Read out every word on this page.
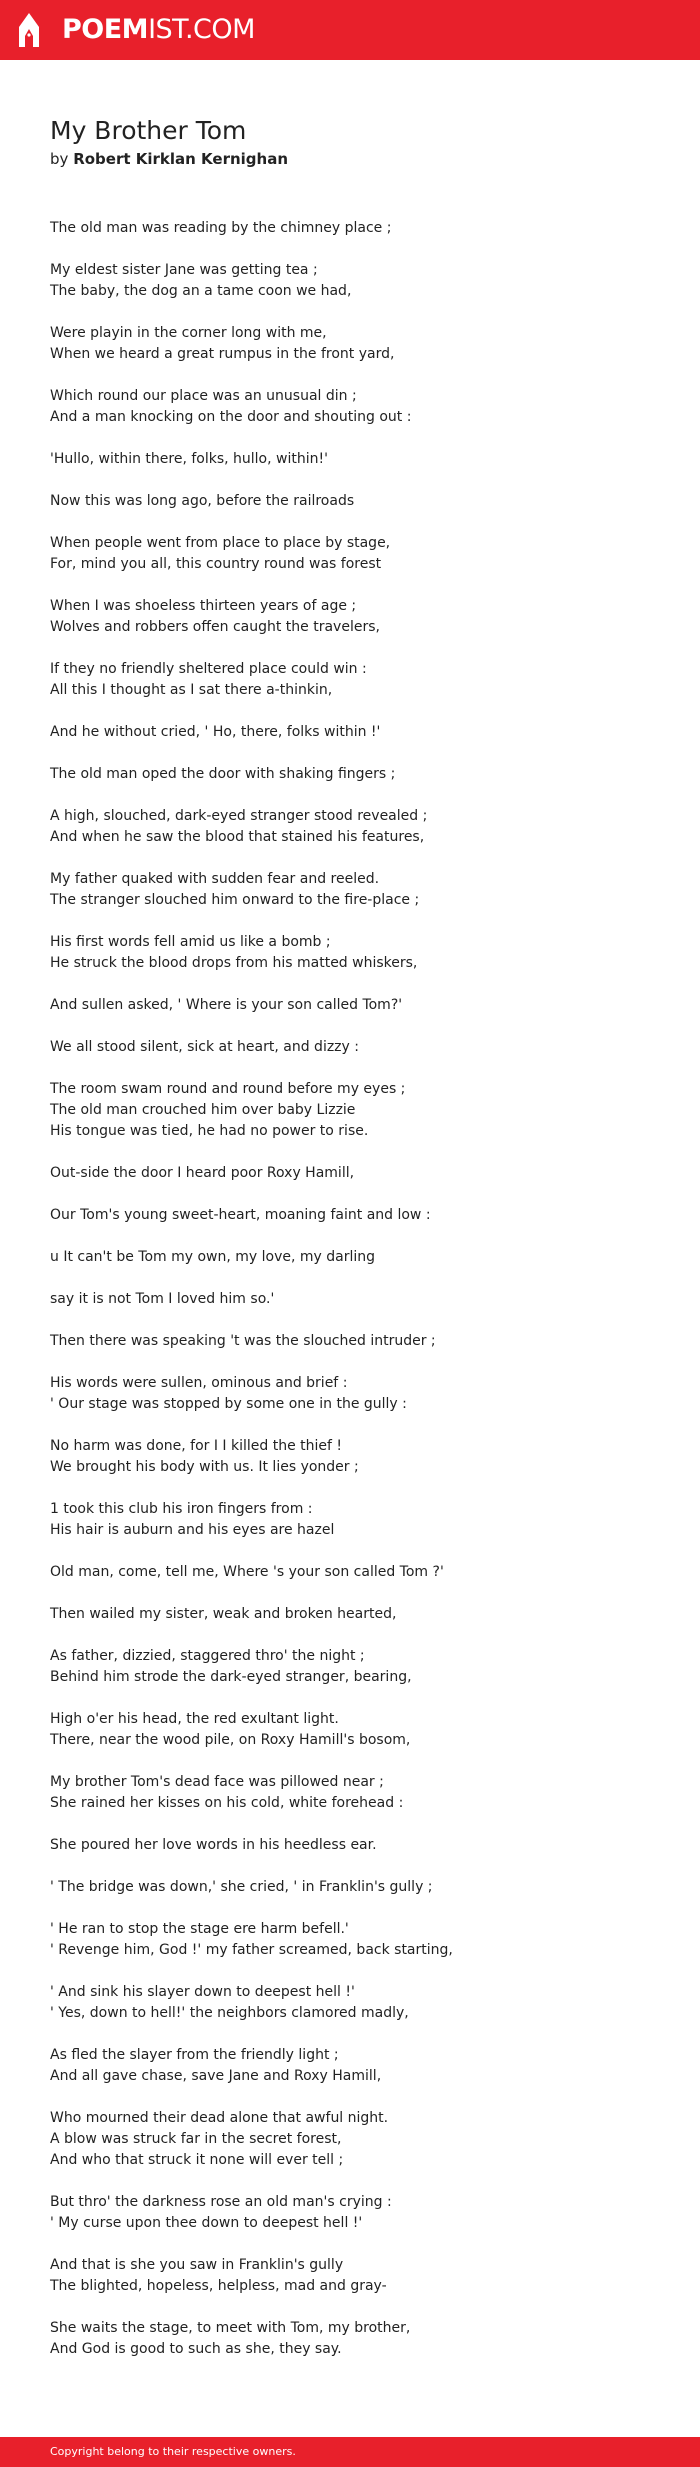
POEMIST.COM
My Brother Tom
by Robert Kirklan Kernighan

The old man was reading by the chimney place ;

My eldest sister Jane was getting tea ;
The baby, the dog an a tame coon we had,

Were playin in the corner long with me,
When we heard a great rumpus in the front yard,

Which round our place was an unusual din ;
And a man knocking on the door and shouting out :

'Hullo, within there, folks, hullo, within!'

Now this was long ago, before the railroads

When people went from place to place by stage,
For, mind you all, this country round was forest

When I was shoeless thirteen years of age ;
Wolves and robbers offen caught the travelers,

If they no friendly sheltered place could win :
All this I thought as I sat there a-thinkin,

And he without cried, ' Ho, there, folks within !'

The old man oped the door with shaking fingers ;

A high, slouched, dark-eyed stranger stood revealed ;
And when he saw the blood that stained his features,

My father quaked with sudden fear and reeled.
The stranger slouched him onward to the fire-place ;

His first words fell amid us like a bomb ;
He struck the blood drops from his matted whiskers,

And sullen asked, ' Where is your son called Tom?'

We all stood silent, sick at heart, and dizzy :

The room swam round and round before my eyes ;
The old man crouched him over baby Lizzie
His tongue was tied, he had no power to rise.

Out-side the door I heard poor Roxy Hamill,

Our Tom's young sweet-heart, moaning faint and low :

u It can't be Tom my own, my love, my darling

say it is not Tom I loved him so.'

Then there was speaking 't was the slouched intruder ;

His words were sullen, ominous and brief :
' Our stage was stopped by some one in the gully :

No harm was done, for I I killed the thief !
We brought his body with us. It lies yonder ;

1 took this club his iron fingers from :
His hair is auburn and his eyes are hazel

Old man, come, tell me, Where 's your son called Tom ?'

Then wailed my sister, weak and broken hearted,

As father, dizzied, staggered thro' the night ;
Behind him strode the dark-eyed stranger, bearing,

High o'er his head, the red exultant light.
There, near the wood pile, on Roxy Hamill's bosom,

My brother Tom's dead face was pillowed near ;
She rained her kisses on his cold, white forehead :

She poured her love words in his heedless ear.

' The bridge was down,' she cried, ' in Franklin's gully ;

' He ran to stop the stage ere harm befell.'
' Revenge him, God !' my father screamed, back starting,

' And sink his slayer down to deepest hell !'
' Yes, down to hell!' the neighbors clamored madly,

As fled the slayer from the friendly light ;
And all gave chase, save Jane and Roxy Hamill,

Who mourned their dead alone that awful night.
A blow was struck far in the secret forest,
And who that struck it none will ever tell ;

But thro' the darkness rose an old man's crying :
' My curse upon thee down to deepest hell !'

And that is she you saw in Franklin's gully
The blighted, hopeless, helpless, mad and gray-

She waits the stage, to meet with Tom, my brother,
And God is good to such as she, they say.

Copyright belong to their respective owners.
